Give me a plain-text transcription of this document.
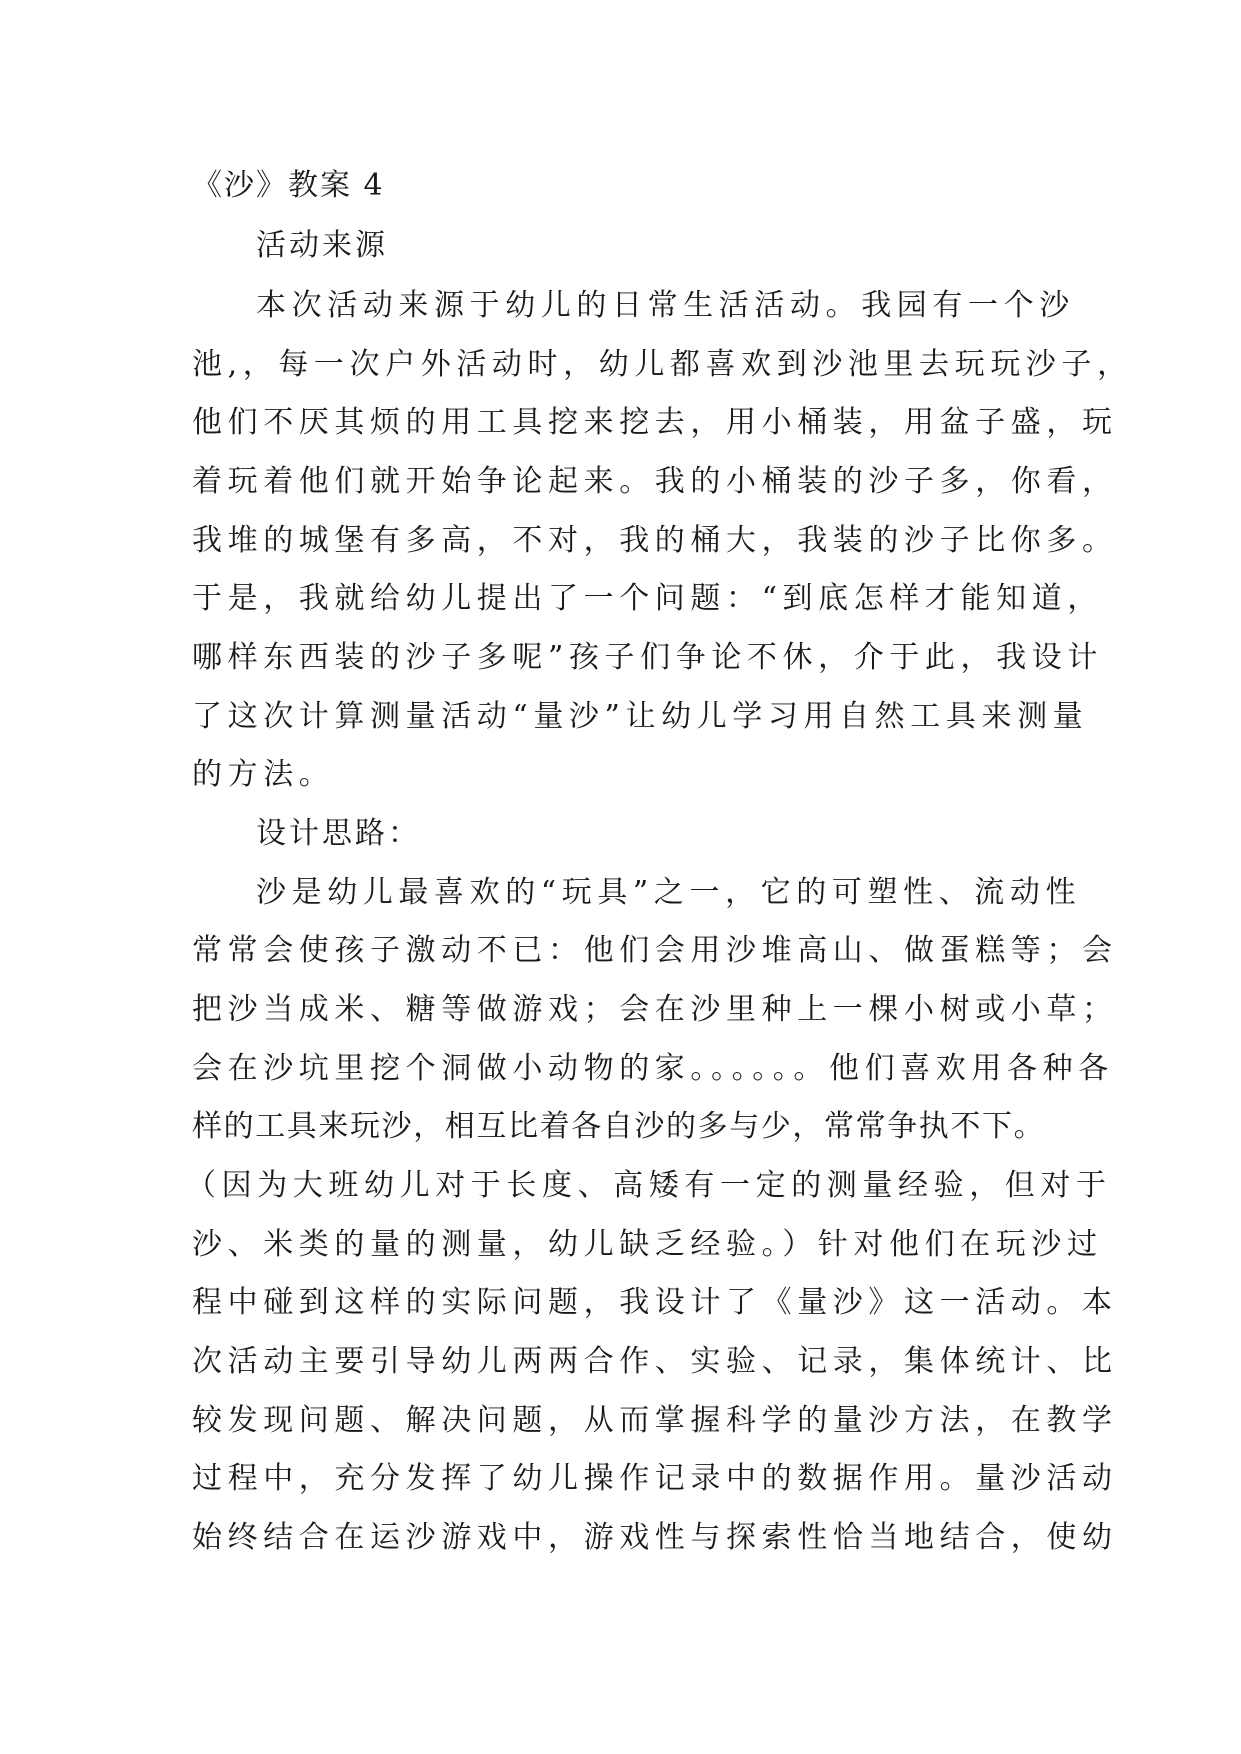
《沙》教案 4

活动来源

本次活动来源于幼儿的日常生活活动。我园有一个沙

池,，每一次户外活动时，幼儿都喜欢到沙池里去玩玩沙子，

他们不厌其烦的用工具挖来挖去，用小桶装，用盆子盛，玩

着玩着他们就开始争论起来。我的小桶装的沙子多，你看，

我堆的城堡有多高，不对，我的桶大，我装的沙子比你多。

于是，我就给幼儿提出了一个问题：“到底怎样才能知道，

哪样东西装的沙子多呢”孩子们争论不休，介于此，我设计

了这次计算测量活动“量沙”让幼儿学习用自然工具来测量

的方法。

设计思路：

沙是幼儿最喜欢的“玩具”之一，它的可塑性、流动性

常常会使孩子激动不已：他们会用沙堆高山、做蛋糕等；会

把沙当成米、糖等做游戏；会在沙里种上一棵小树或小草；

会在沙坑里挖个洞做小动物的家。。。。。。他们喜欢用各种各

样的工具来玩沙，相互比着各自沙的多与少，常常争执不下。

（因为大班幼儿对于长度、高矮有一定的测量经验，但对于

沙、米类的量的测量，幼儿缺乏经验。）针对他们在玩沙过

程中碰到这样的实际问题，我设计了《量沙》这一活动。本

次活动主要引导幼儿两两合作、实验、记录，集体统计、比

较发现问题、解决问题，从而掌握科学的量沙方法，在教学

过程中，充分发挥了幼儿操作记录中的数据作用。量沙活动

始终结合在运沙游戏中，游戏性与探索性恰当地结合，使幼
